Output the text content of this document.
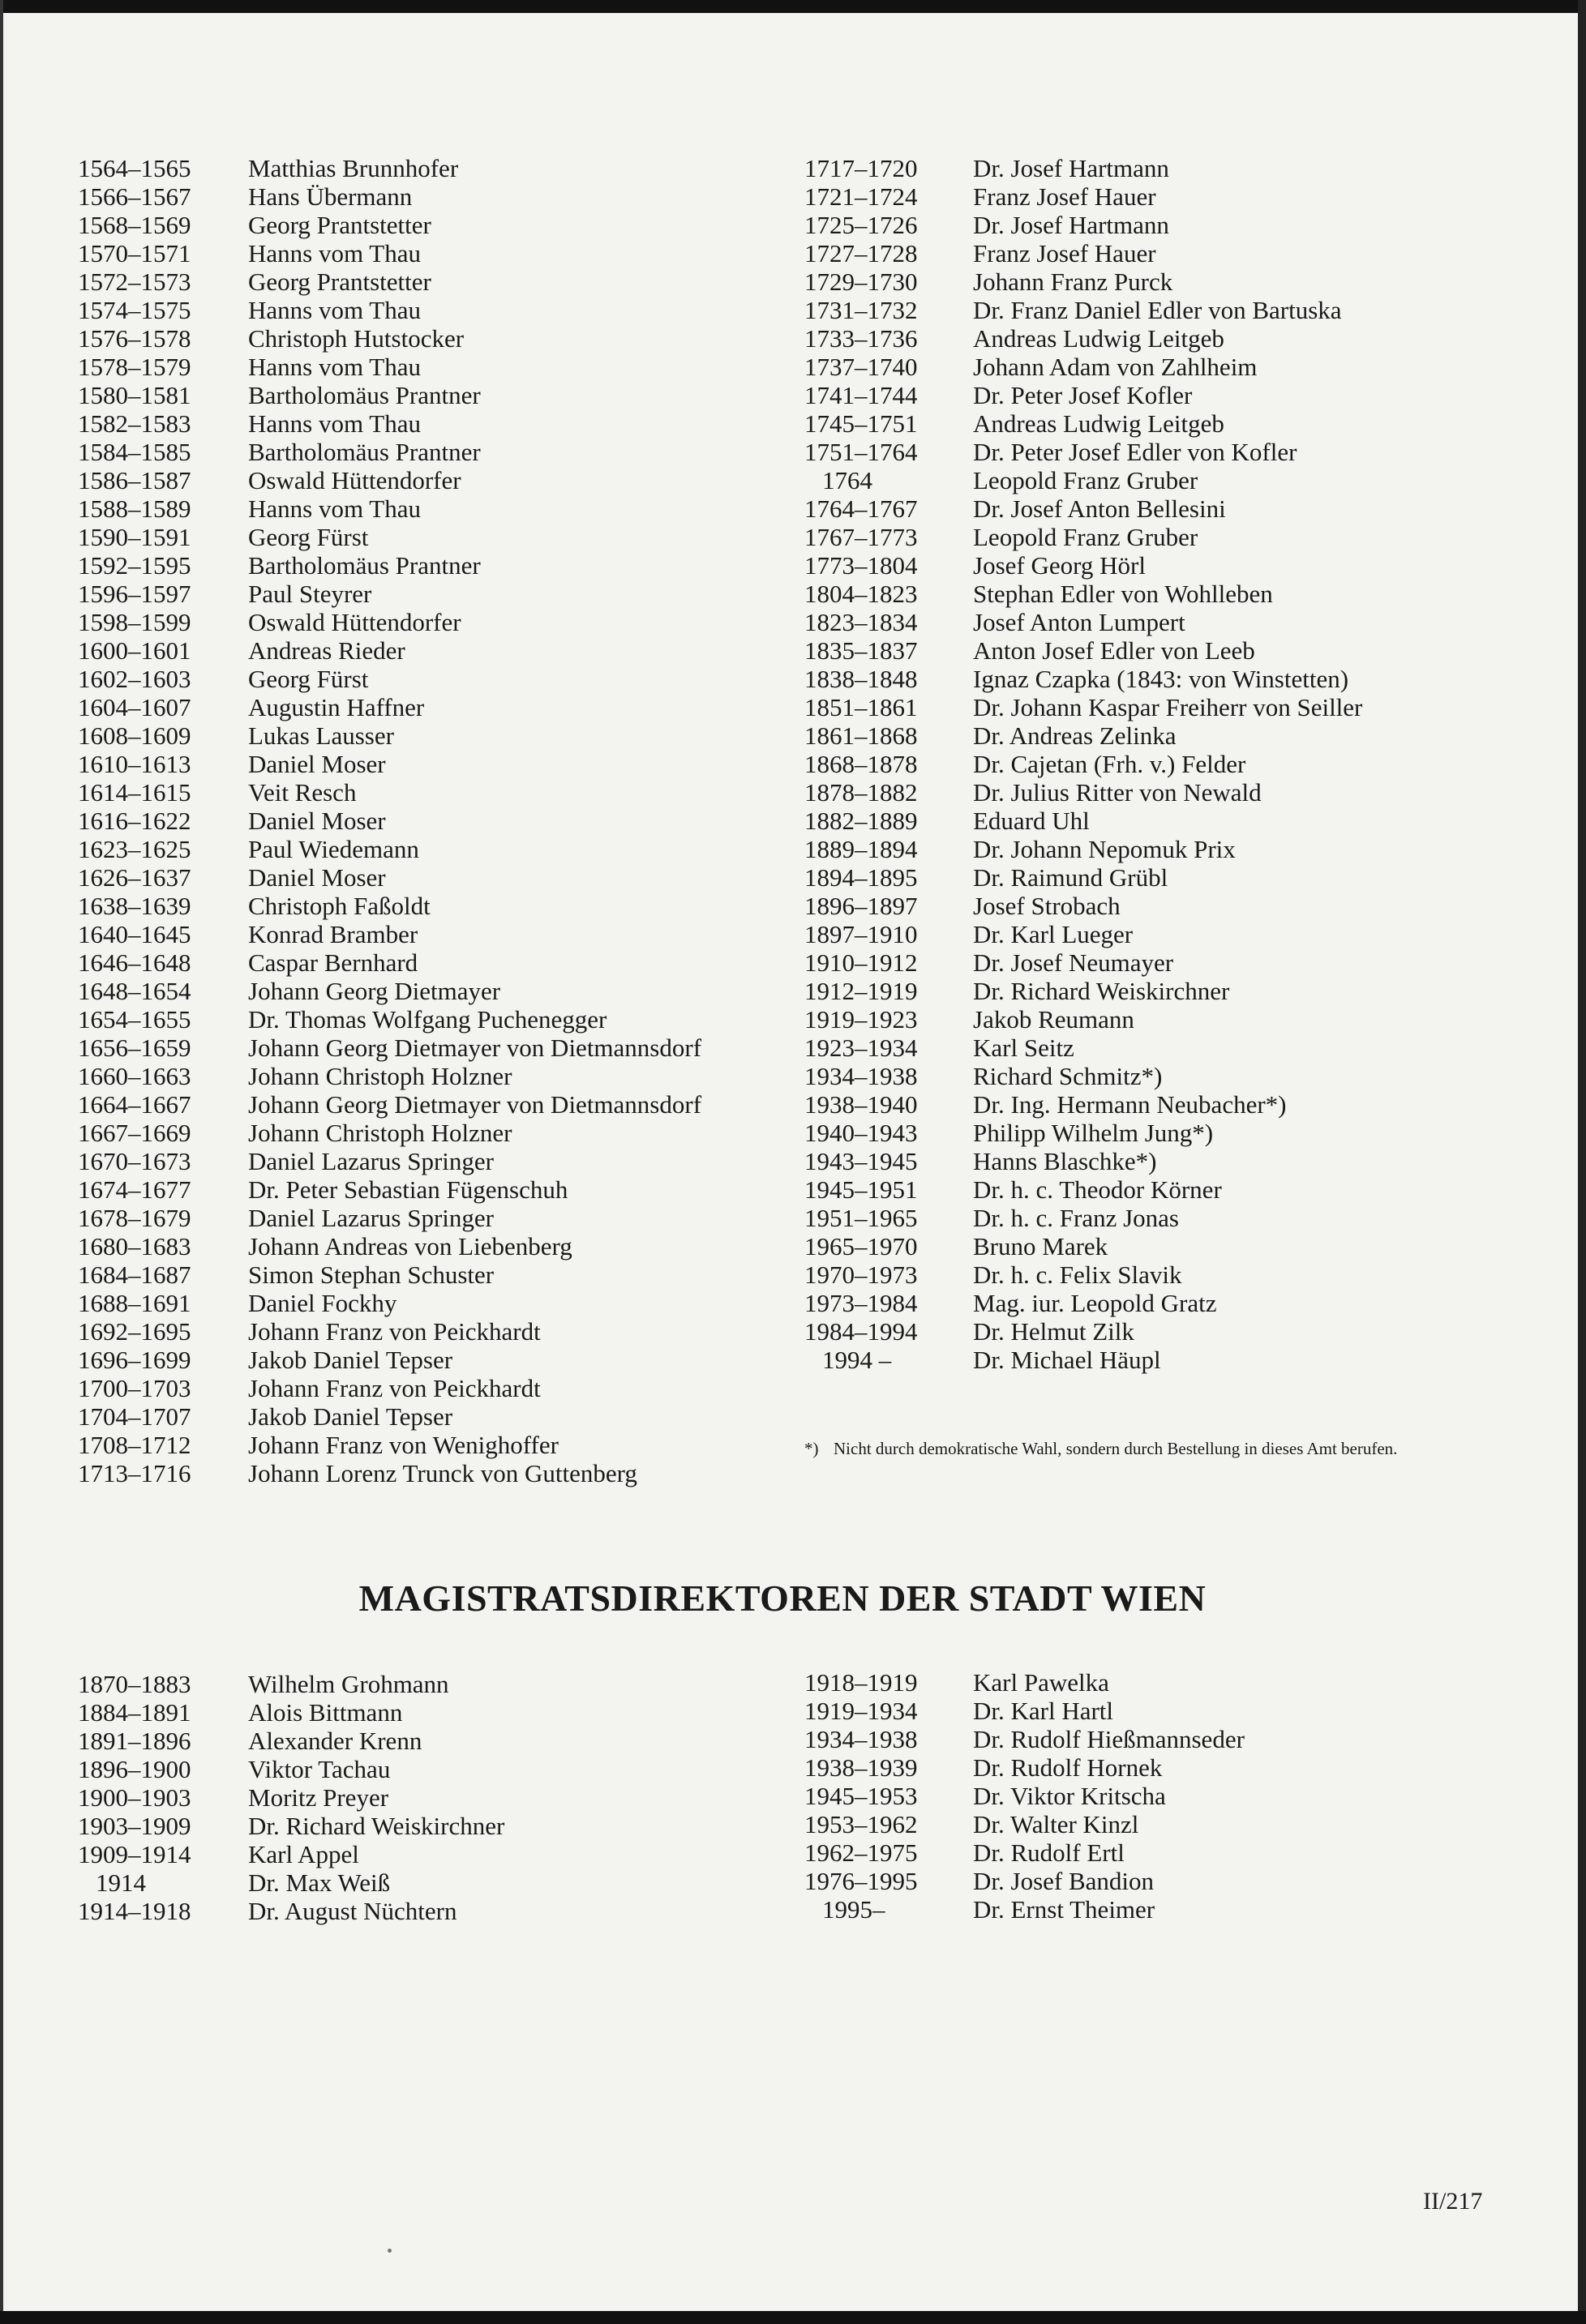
1564–1565	Matthias Brunnhofer
1566–1567	Hans Übermann
1568–1569	Georg Prantstetter
1570–1571	Hanns vom Thau
1572–1573	Georg Prantstetter
1574–1575	Hanns vom Thau
1576–1578	Christoph Hutstocker
1578–1579	Hanns vom Thau
1580–1581	Bartholomäus Prantner
1582–1583	Hanns vom Thau
1584–1585	Bartholomäus Prantner
1586–1587	Oswald Hüttendorfer
1588–1589	Hanns vom Thau
1590–1591	Georg Fürst
1592–1595	Bartholomäus Prantner
1596–1597	Paul Steyrer
1598–1599	Oswald Hüttendorfer
1600–1601	Andreas Rieder
1602–1603	Georg Fürst
1604–1607	Augustin Haffner
1608–1609	Lukas Lausser
1610–1613	Daniel Moser
1614–1615	Veit Resch
1616–1622	Daniel Moser
1623–1625	Paul Wiedemann
1626–1637	Daniel Moser
1638–1639	Christoph Faßoldt
1640–1645	Konrad Bramber
1646–1648	Caspar Bernhard
1648–1654	Johann Georg Dietmayer
1654–1655	Dr. Thomas Wolfgang Puchenegger
1656–1659	Johann Georg Dietmayer von Dietmannsdorf
1660–1663	Johann Christoph Holzner
1664–1667	Johann Georg Dietmayer von Dietmannsdorf
1667–1669	Johann Christoph Holzner
1670–1673	Daniel Lazarus Springer
1674–1677	Dr. Peter Sebastian Fügenschuh
1678–1679	Daniel Lazarus Springer
1680–1683	Johann Andreas von Liebenberg
1684–1687	Simon Stephan Schuster
1688–1691	Daniel Fockhy
1692–1695	Johann Franz von Peickhardt
1696–1699	Jakob Daniel Tepser
1700–1703	Johann Franz von Peickhardt
1704–1707	Jakob Daniel Tepser
1708–1712	Johann Franz von Wenighoffer
1713–1716	Johann Lorenz Trunck von Guttenberg
1717–1720	Dr. Josef Hartmann
1721–1724	Franz Josef Hauer
1725–1726	Dr. Josef Hartmann
1727–1728	Franz Josef Hauer
1729–1730	Johann Franz Purck
1731–1732	Dr. Franz Daniel Edler von Bartuska
1733–1736	Andreas Ludwig Leitgeb
1737–1740	Johann Adam von Zahlheim
1741–1744	Dr. Peter Josef Kofler
1745–1751	Andreas Ludwig Leitgeb
1751–1764	Dr. Peter Josef Edler von Kofler
1764	Leopold Franz Gruber
1764–1767	Dr. Josef Anton Bellesini
1767–1773	Leopold Franz Gruber
1773–1804	Josef Georg Hörl
1804–1823	Stephan Edler von Wohlleben
1823–1834	Josef Anton Lumpert
1835–1837	Anton Josef Edler von Leeb
1838–1848	Ignaz Czapka (1843: von Winstetten)
1851–1861	Dr. Johann Kaspar Freiherr von Seiller
1861–1868	Dr. Andreas Zelinka
1868–1878	Dr. Cajetan (Frh. v.) Felder
1878–1882	Dr. Julius Ritter von Newald
1882–1889	Eduard Uhl
1889–1894	Dr. Johann Nepomuk Prix
1894–1895	Dr. Raimund Grübl
1896–1897	Josef Strobach
1897–1910	Dr. Karl Lueger
1910–1912	Dr. Josef Neumayer
1912–1919	Dr. Richard Weiskirchner
1919–1923	Jakob Reumann
1923–1934	Karl Seitz
1934–1938	Richard Schmitz*)
1938–1940	Dr. Ing. Hermann Neubacher*)
1940–1943	Philipp Wilhelm Jung*)
1943–1945	Hanns Blaschke*)
1945–1951	Dr. h. c. Theodor Körner
1951–1965	Dr. h. c. Franz Jonas
1965–1970	Bruno Marek
1970–1973	Dr. h. c. Felix Slavik
1973–1984	Mag. iur. Leopold Gratz
1984–1994	Dr. Helmut Zilk
1994 –	Dr. Michael Häupl
*) Nicht durch demokratische Wahl, sondern durch Bestellung in dieses Amt berufen.
MAGISTRATSDIREKTOREN DER STADT WIEN
1870–1883	Wilhelm Grohmann
1884–1891	Alois Bittmann
1891–1896	Alexander Krenn
1896–1900	Viktor Tachau
1900–1903	Moritz Preyer
1903–1909	Dr. Richard Weiskirchner
1909–1914	Karl Appel
1914	Dr. Max Weiß
1914–1918	Dr. August Nüchtern
1918–1919	Karl Pawelka
1919–1934	Dr. Karl Hartl
1934–1938	Dr. Rudolf Hießmannseder
1938–1939	Dr. Rudolf Hornek
1945–1953	Dr. Viktor Kritscha
1953–1962	Dr. Walter Kinzl
1962–1975	Dr. Rudolf Ertl
1976–1995	Dr. Josef Bandion
1995–	Dr. Ernst Theimer
II/217
